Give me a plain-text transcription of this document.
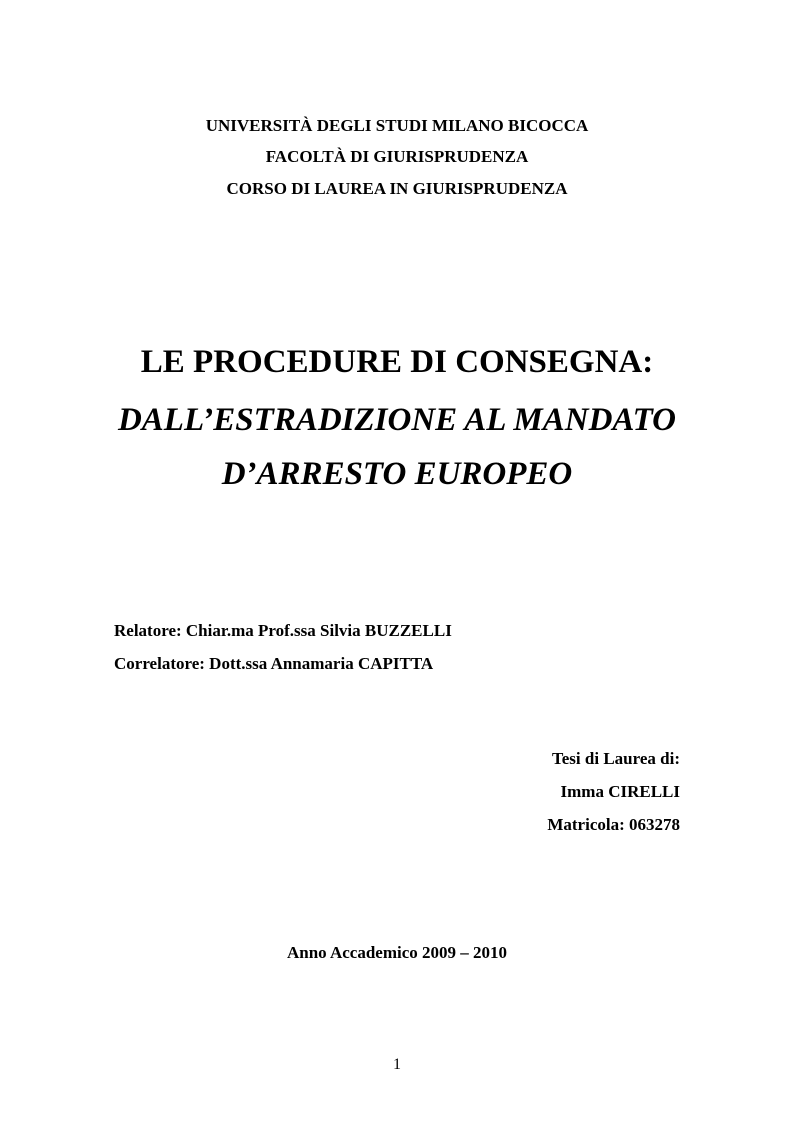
UNIVERSITÀ DEGLI STUDI MILANO BICOCCA
FACOLTÀ DI GIURISPRUDENZA
CORSO DI LAUREA IN GIURISPRUDENZA
LE PROCEDURE DI CONSEGNA:
DALL’ESTRADIZIONE AL MANDATO
D’ARRESTO EUROPEO
Relatore: Chiar.ma Prof.ssa Silvia BUZZELLI
Correlatore: Dott.ssa Annamaria CAPITTA
Tesi di Laurea di:
Imma CIRELLI
Matricola: 063278
Anno Accademico 2009 – 2010
1
